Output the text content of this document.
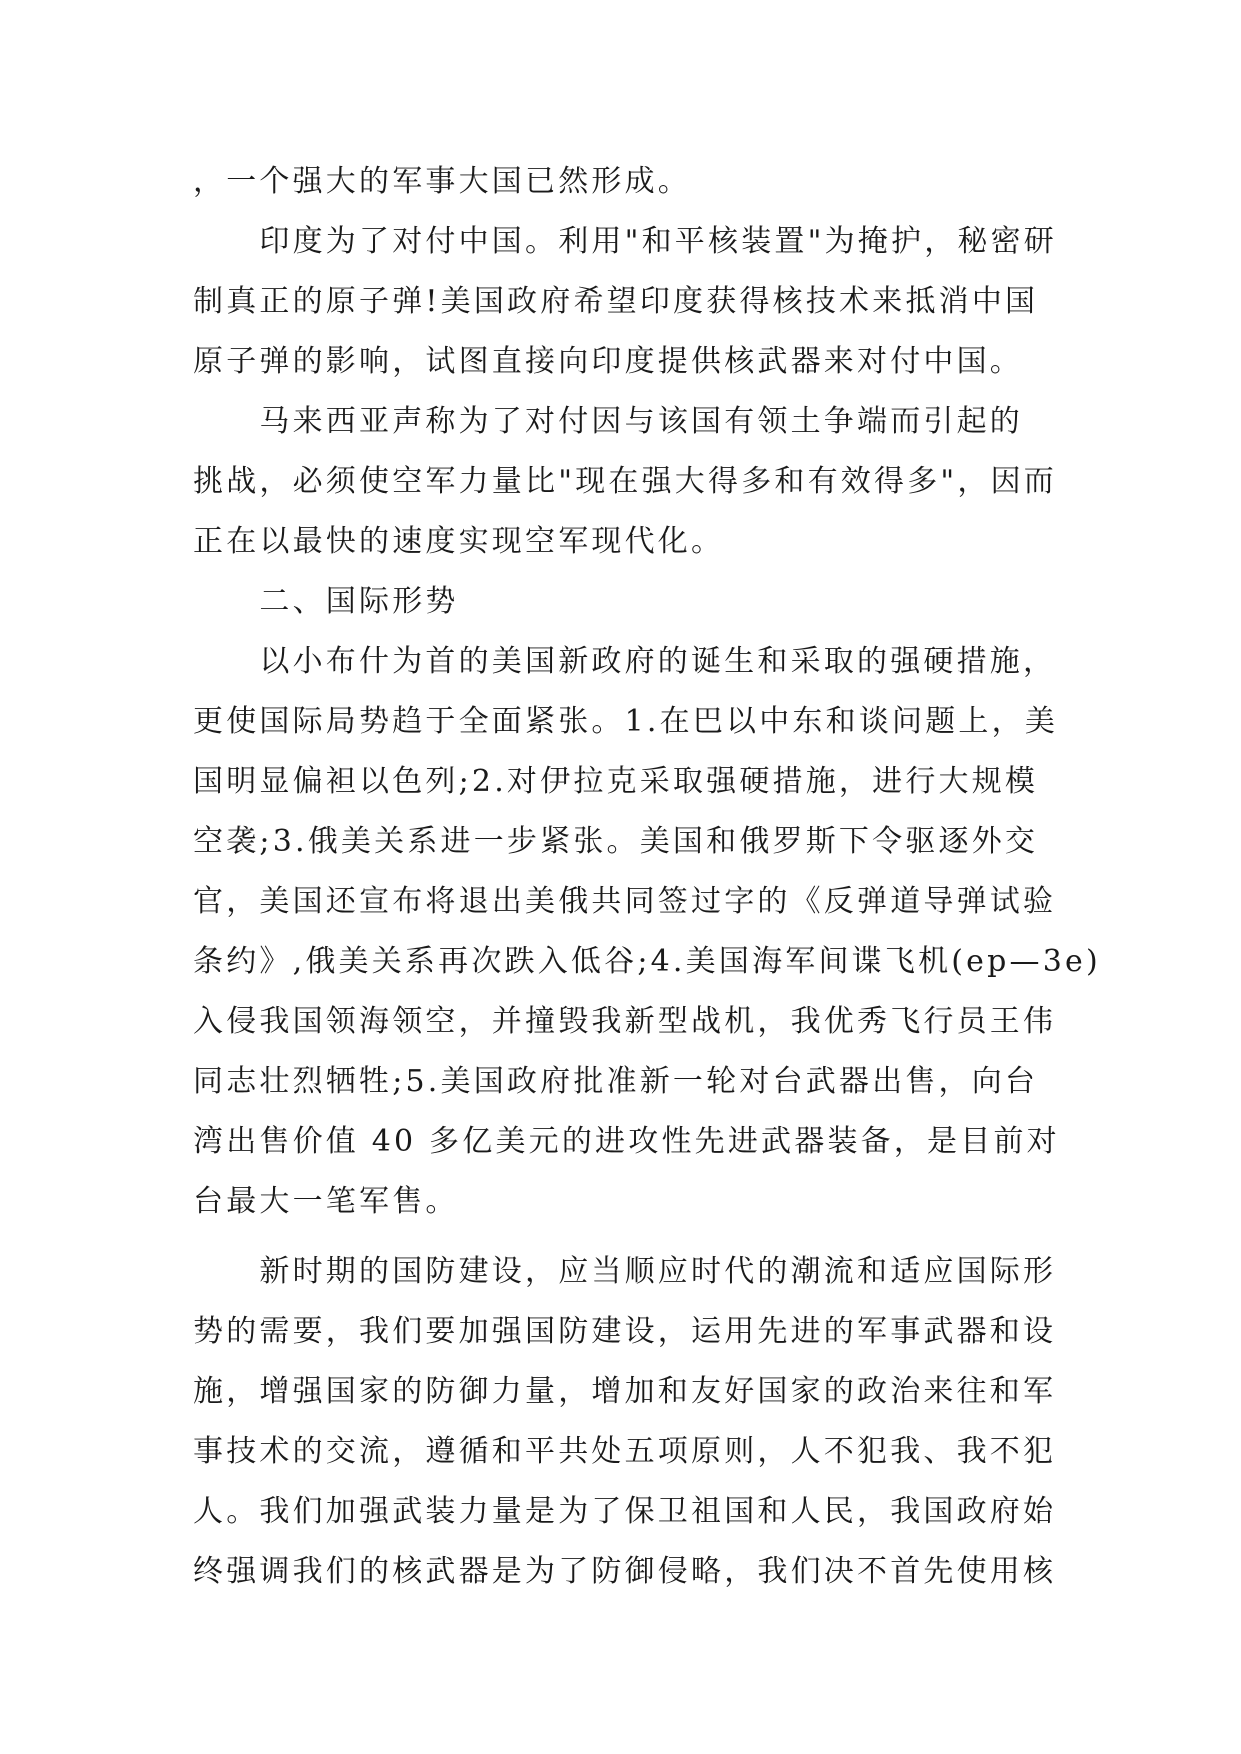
，一个强大的军事大国已然形成。
　　印度为了对付中国。利用"和平核装置"为掩护，秘密研
制真正的原子弹!美国政府希望印度获得核技术来抵消中国
原子弹的影响，试图直接向印度提供核武器来对付中国。
　　马来西亚声称为了对付因与该国有领土争端而引起的
挑战，必须使空军力量比"现在强大得多和有效得多"，因而
正在以最快的速度实现空军现代化。
　　二、国际形势
　　以小布什为首的美国新政府的诞生和采取的强硬措施，
更使国际局势趋于全面紧张。1.在巴以中东和谈问题上，美
国明显偏袒以色列;2.对伊拉克采取强硬措施，进行大规模
空袭;3.俄美关系进一步紧张。美国和俄罗斯下令驱逐外交
官，美国还宣布将退出美俄共同签过字的《反弹道导弹试验
条约》,俄美关系再次跌入低谷;4.美国海军间谍飞机(ep—3e)
入侵我国领海领空，并撞毁我新型战机，我优秀飞行员王伟
同志壮烈牺牲;5.美国政府批准新一轮对台武器出售，向台
湾出售价值 40 多亿美元的进攻性先进武器装备，是目前对
台最大一笔军售。
　　新时期的国防建设，应当顺应时代的潮流和适应国际形
势的需要，我们要加强国防建设，运用先进的军事武器和设
施，增强国家的防御力量，增加和友好国家的政治来往和军
事技术的交流，遵循和平共处五项原则，人不犯我、我不犯
人。我们加强武装力量是为了保卫祖国和人民，我国政府始
终强调我们的核武器是为了防御侵略，我们决不首先使用核
